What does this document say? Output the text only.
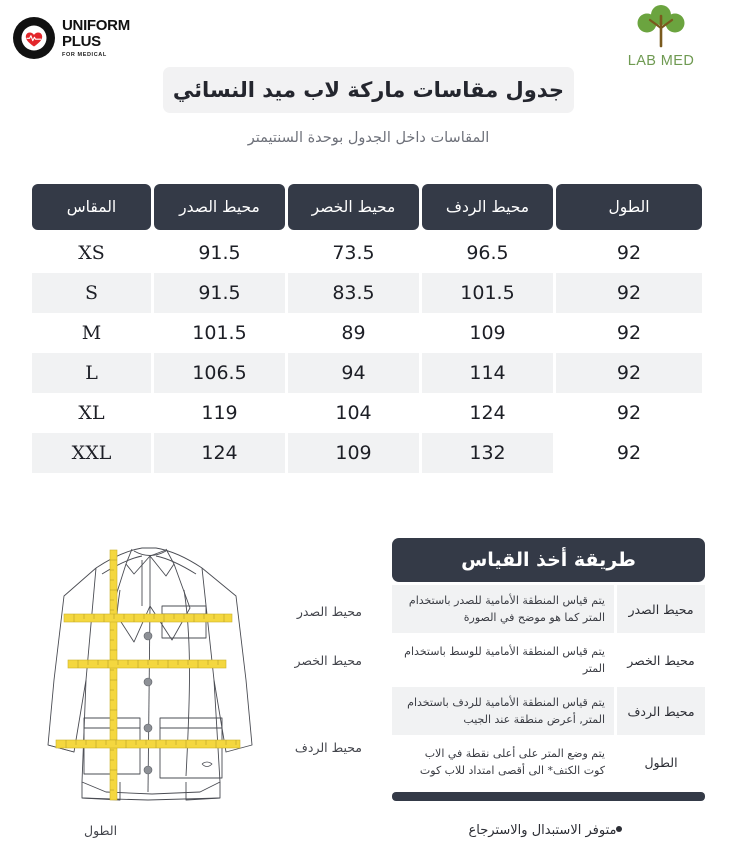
UNIFORM
PLUS
FOR MEDICAL	LAB MED
جدول مقاسات ماركة لاب ميد النسائي
المقاسات داخل الجدول بوحدة السنتيمتر
الطول
محيط الردف
محيط الخصر
محيط الصدر
المقاس
92
96.5
73.5
91.5
XS
92
101.5
83.5
91.5
S
92
109
89
101.5
M
92
114
94
106.5
L
92
124
104
119
XL
92
132
109
124
XXL
محيط الصدر
محيط الخصر
محيط الردف
الطول
طريقة أخذ القياس
محيط الصدر
يتم قياس المنطقة الأمامية للصدر باستخدام المتر كما هو موضح في الصورة
محيط الخصر
يتم قياس المنطقة الأمامية للوسط باستخدام المتر
محيط الردف
يتم قياس المنطقة الأمامية للردف باستخدام المتر, أعرض منطقة عند الجيب
الطول
يتم وضع المتر على أعلى نقطة في الاب كوت الكتف* الى أقصى امتداد للاب كوت
متوفر الاستبدال والاسترجاع
